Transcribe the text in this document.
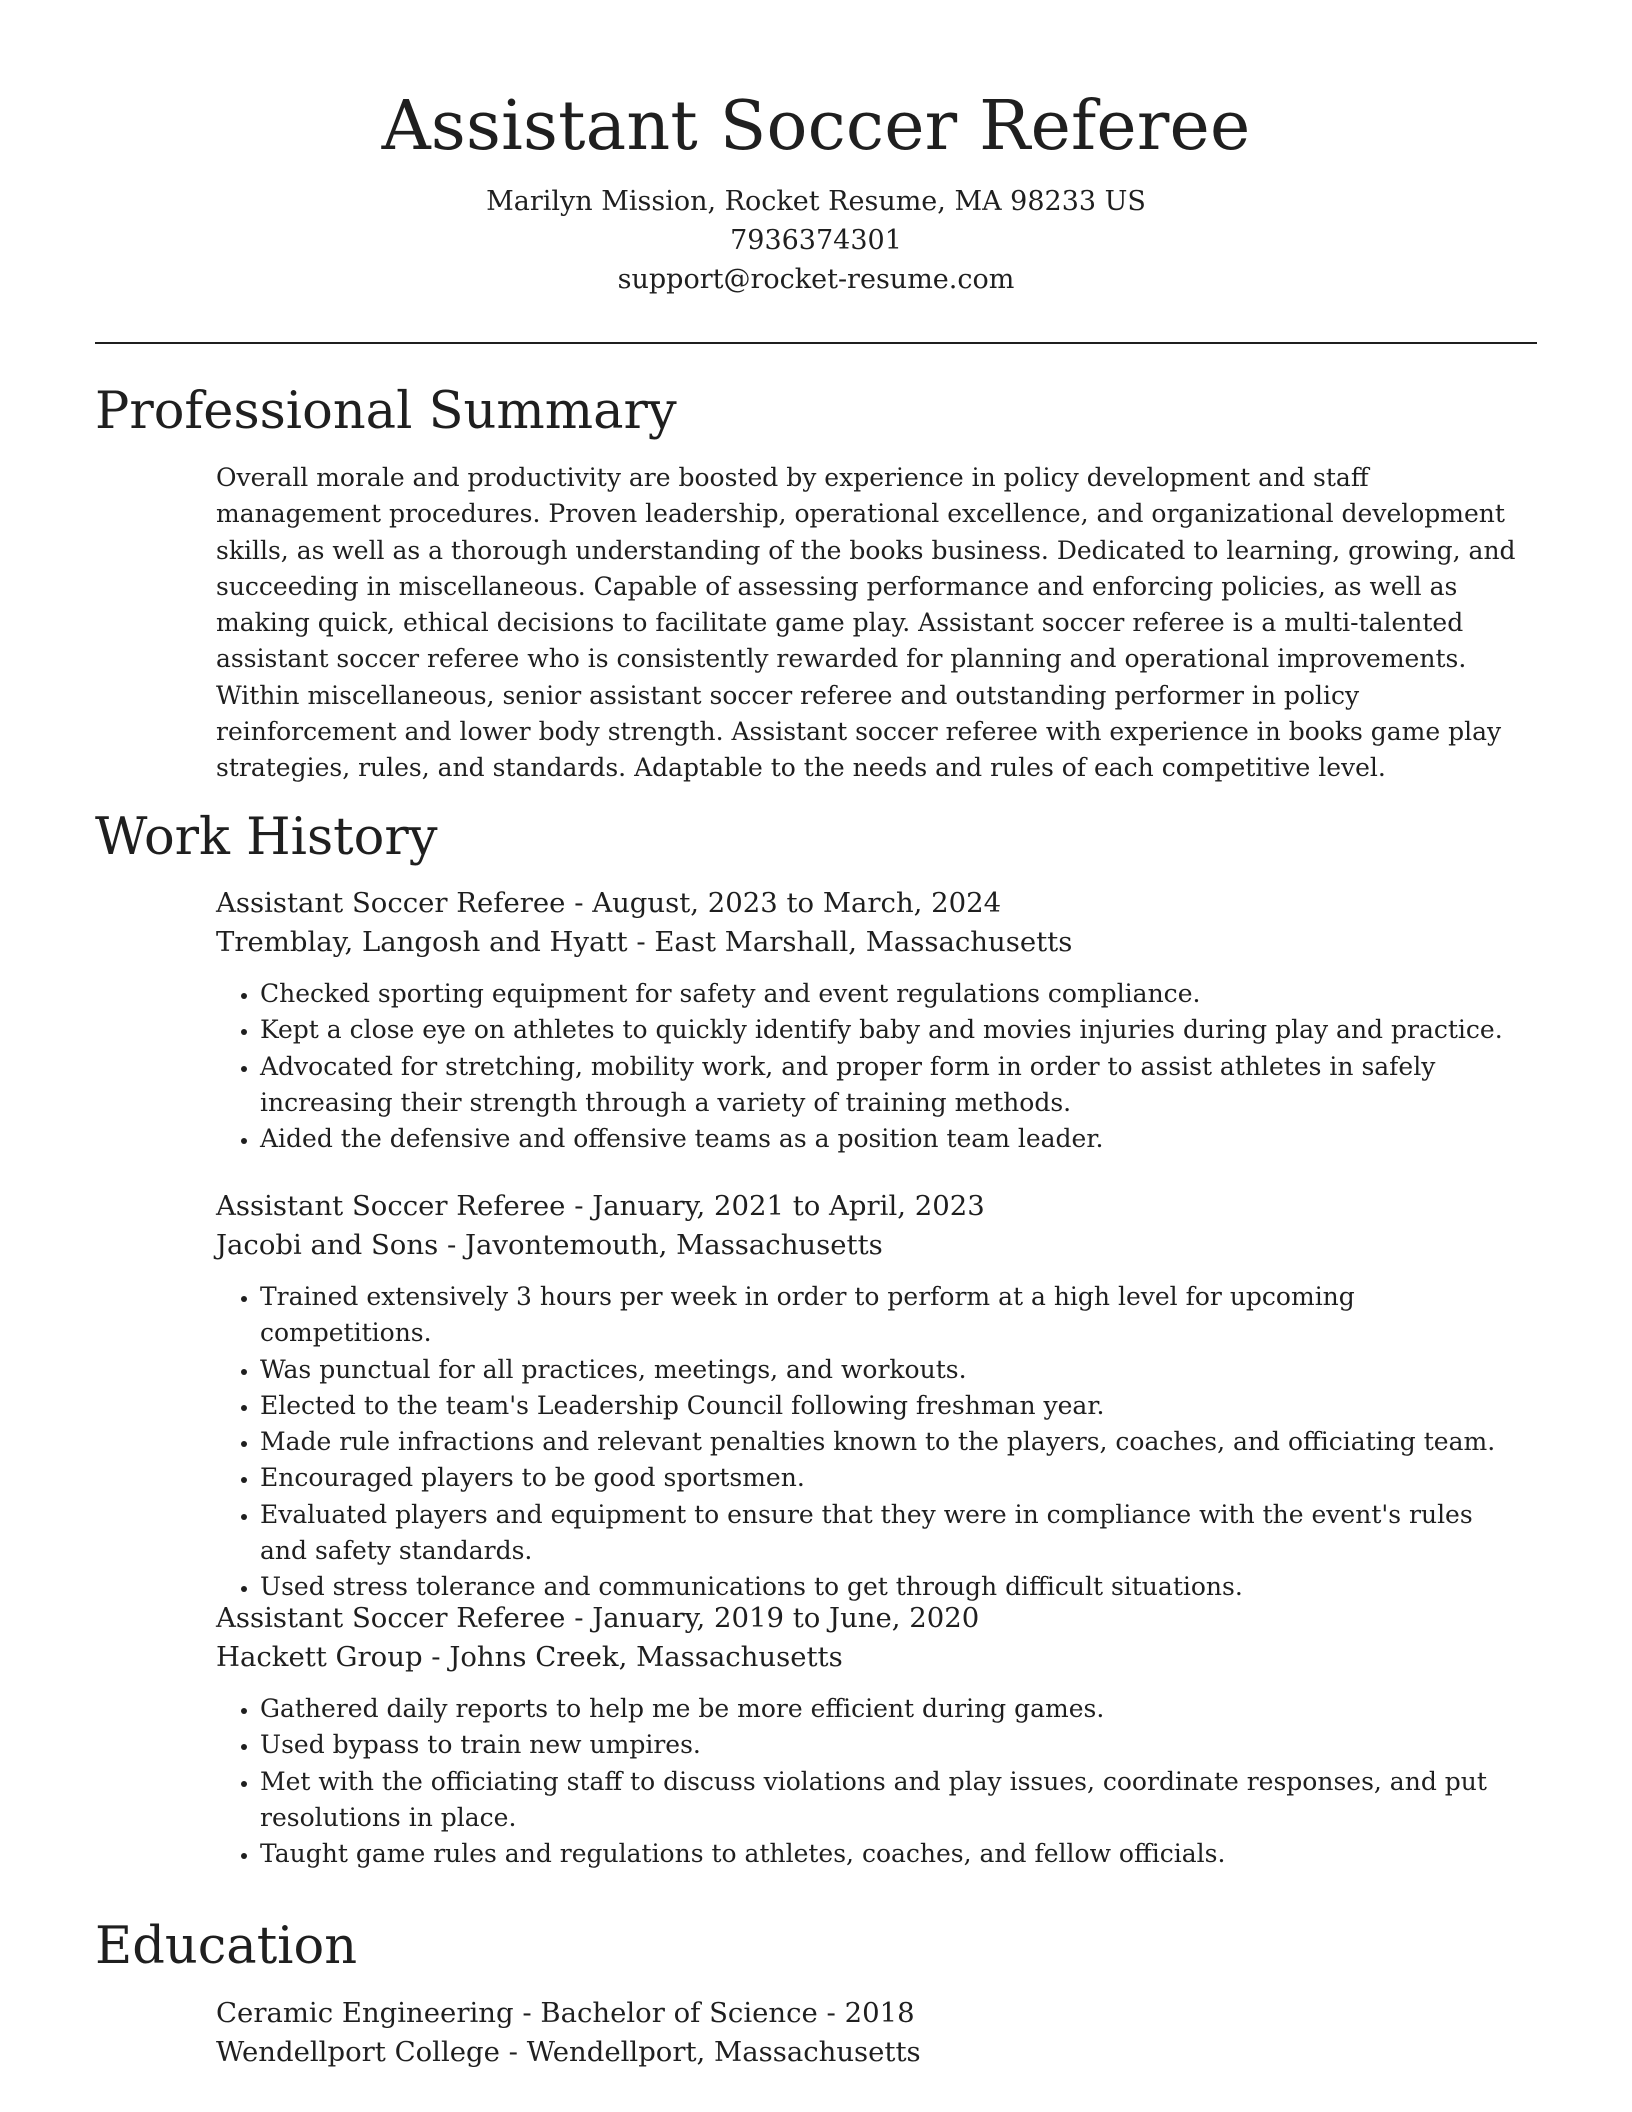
Assistant Soccer Referee
Marilyn Mission, Rocket Resume, MA 98233 US
7936374301
support@rocket-resume.com
Professional Summary

Overall morale and productivity are boosted by experience in policy development and staff management procedures. Proven leadership, operational excellence, and organizational development skills, as well as a thorough understanding of the books business. Dedicated to learning, growing, and succeeding in miscellaneous. Capable of assessing performance and enforcing policies, as well as making quick, ethical decisions to facilitate game play. Assistant soccer referee is a multi-talented assistant soccer referee who is consistently rewarded for planning and operational improvements. Within miscellaneous, senior assistant soccer referee and outstanding performer in policy reinforcement and lower body strength. Assistant soccer referee with experience in books game play strategies, rules, and standards. Adaptable to the needs and rules of each competitive level.

Work History
Assistant Soccer Referee - August, 2023 to March, 2024
Tremblay, Langosh and Hyatt - East Marshall, Massachusetts
• Checked sporting equipment for safety and event regulations compliance.
• Kept a close eye on athletes to quickly identify baby and movies injuries during play and practice.
• Advocated for stretching, mobility work, and proper form in order to assist athletes in safely increasing their strength through a variety of training methods.
• Aided the defensive and offensive teams as a position team leader.
Assistant Soccer Referee - January, 2021 to April, 2023
Jacobi and Sons - Javontemouth, Massachusetts
• Trained extensively 3 hours per week in order to perform at a high level for upcoming competitions.
• Was punctual for all practices, meetings, and workouts.
• Elected to the team's Leadership Council following freshman year.
• Made rule infractions and relevant penalties known to the players, coaches, and officiating team.
• Encouraged players to be good sportsmen.
• Evaluated players and equipment to ensure that they were in compliance with the event's rules and safety standards.
• Used stress tolerance and communications to get through difficult situations.
Assistant Soccer Referee - January, 2019 to June, 2020
Hackett Group - Johns Creek, Massachusetts
• Gathered daily reports to help me be more efficient during games.
• Used bypass to train new umpires.
• Met with the officiating staff to discuss violations and play issues, coordinate responses, and put resolutions in place.
• Taught game rules and regulations to athletes, coaches, and fellow officials.
Education
Ceramic Engineering - Bachelor of Science - 2018
Wendellport College - Wendellport, Massachusetts
